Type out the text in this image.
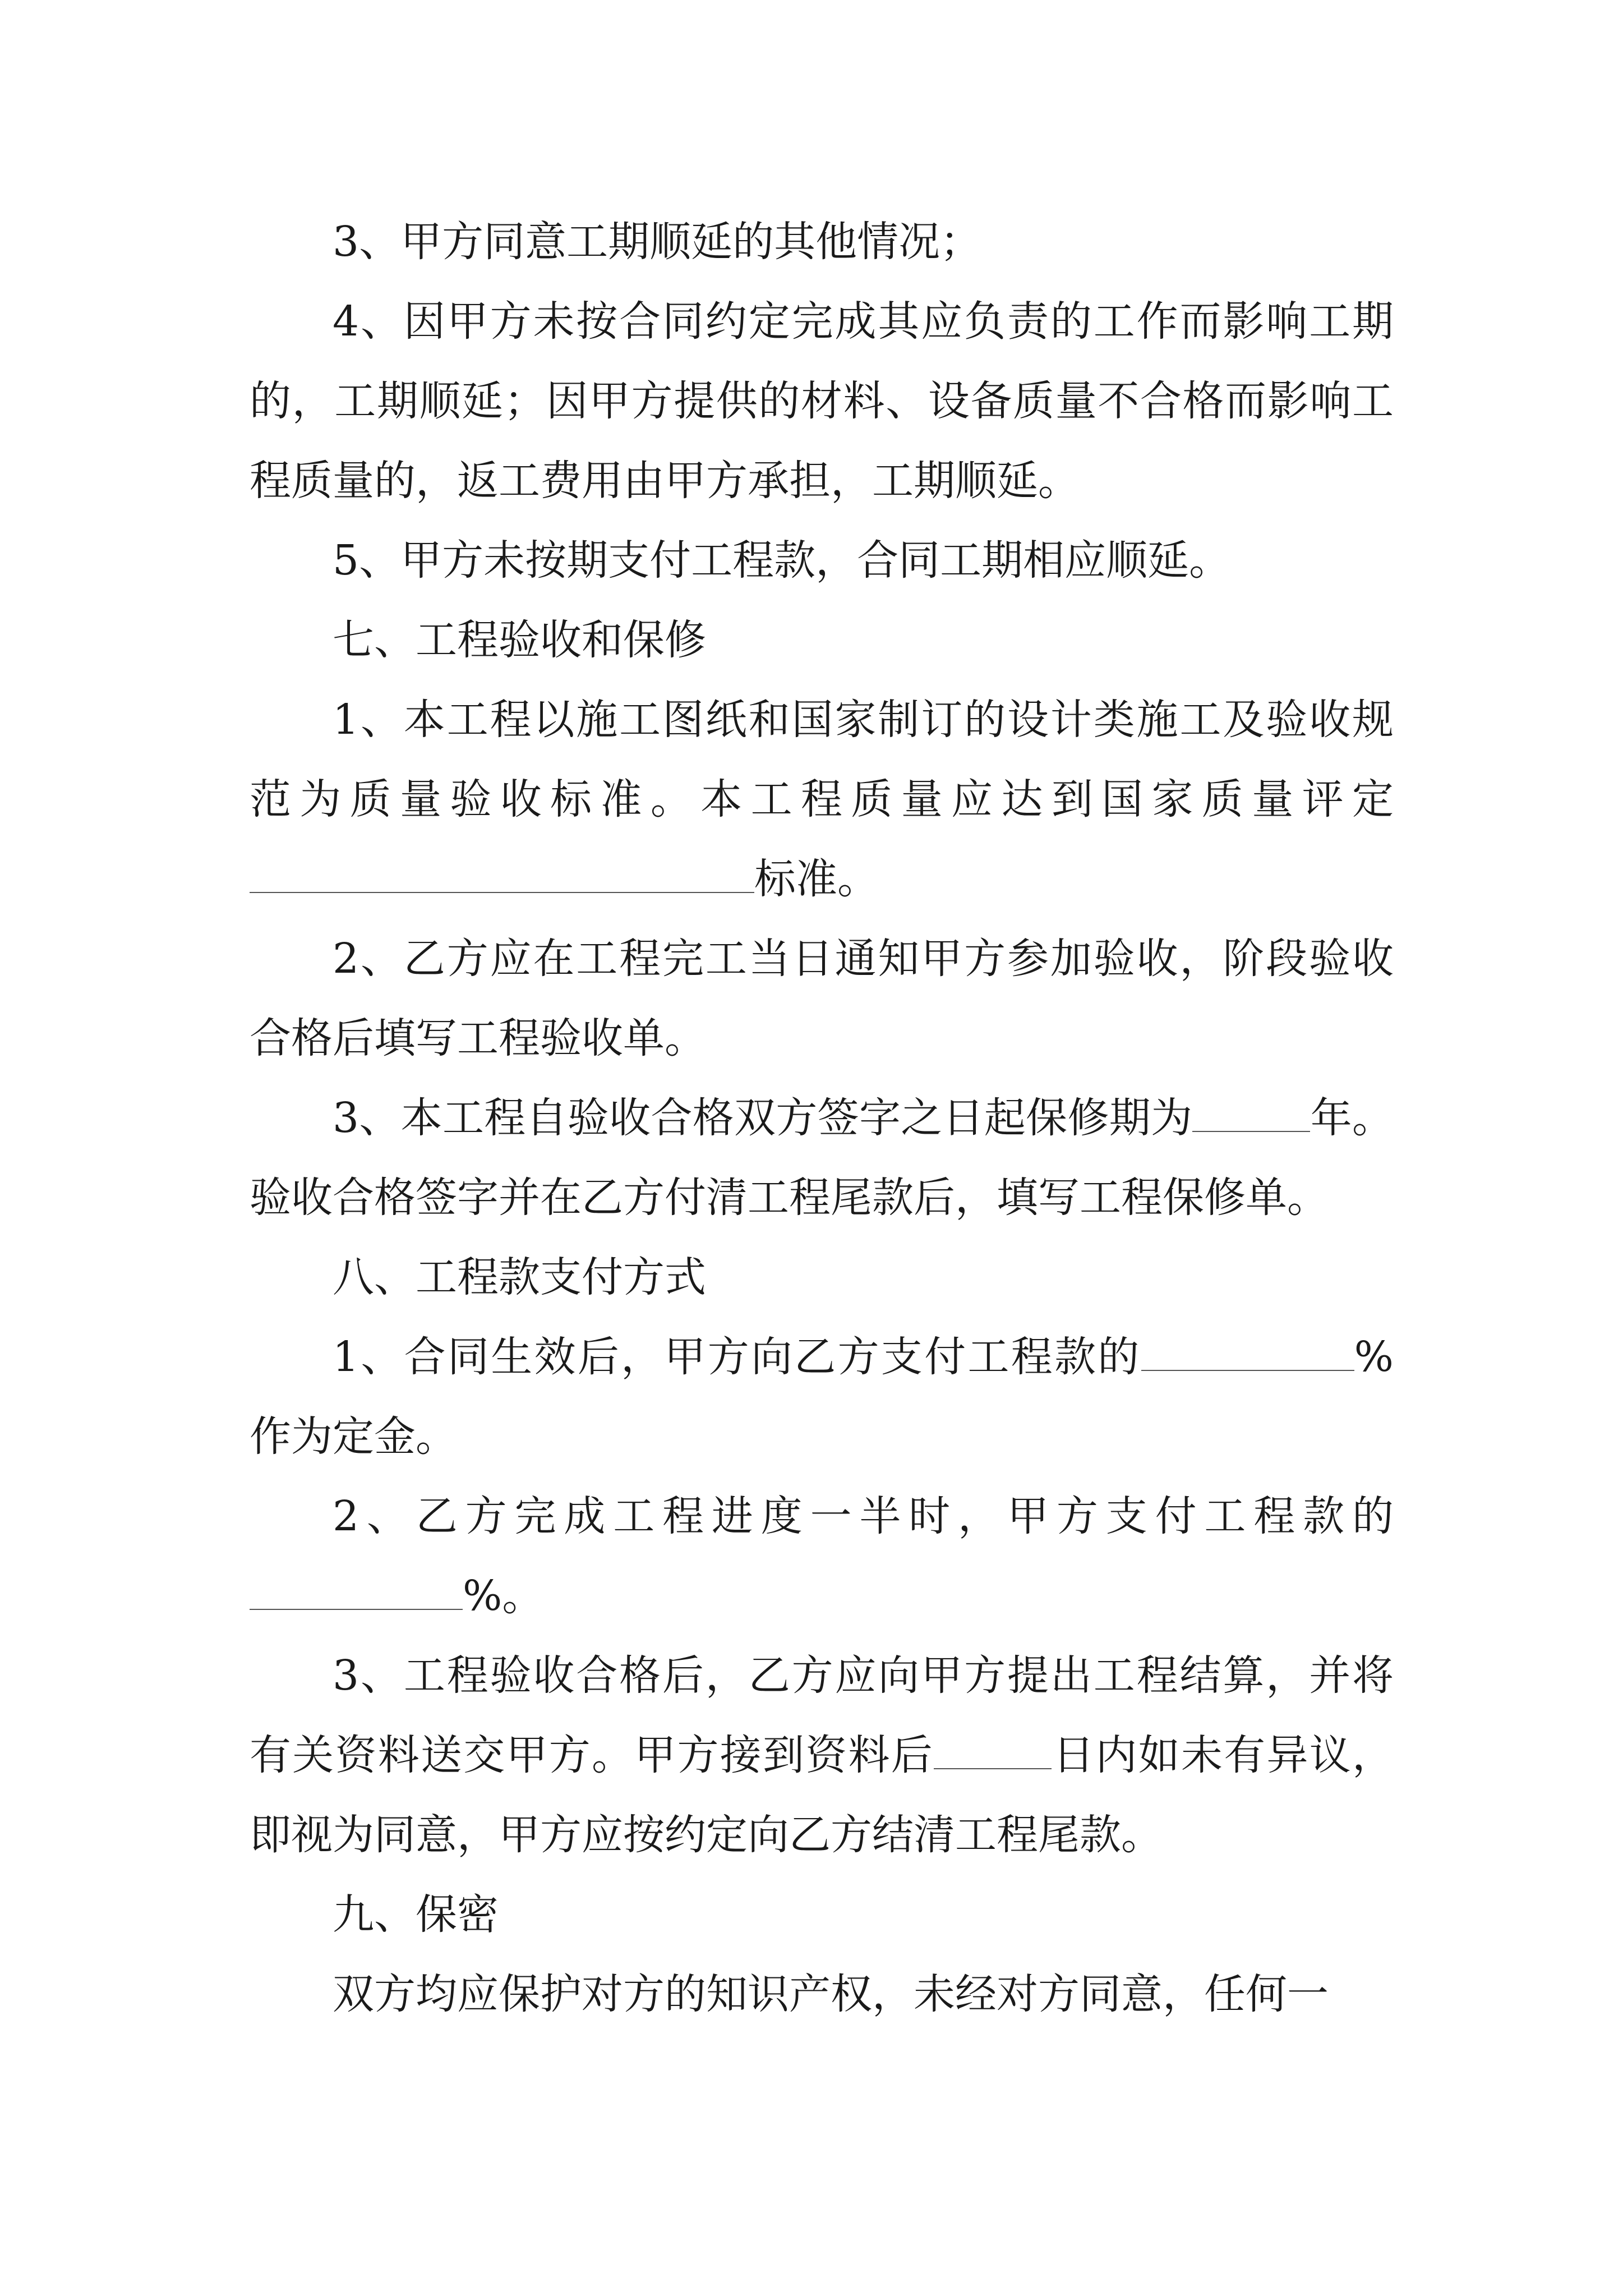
3、甲方同意工期顺延的其他情况；

4、因甲方未按合同约定完成其应负责的工作而影响工期的，工期顺延；因甲方提供的材料、设备质量不合格而影响工程质量的，返工费用由甲方承担，工期顺延。

5、甲方未按期支付工程款，合同工期相应顺延。

七、工程验收和保修

1、本工程以施工图纸和国家制订的设计类施工及验收规范为质量验收标准。本工程质量应达到国家质量评定标准。

2、乙方应在工程完工当日通知甲方参加验收，阶段验收合格后填写工程验收单。

3、本工程自验收合格双方签字之日起保修期为	年。验收合格签字并在乙方付清工程尾款后，填写工程保修单。

八、工程款支付方式

1、合同生效后，甲方向乙方支付工程款的	%作为定金。

2、乙方完成工程进度一半时，甲方支付工程款的%。

3、工程验收合格后，乙方应向甲方提出工程结算，并将有关资料送交甲方。甲方接到资料后	日内如未有异议，即视为同意，甲方应按约定向乙方结清工程尾款。

九、保密

双方均应保护对方的知识产权，未经对方同意，任何一
